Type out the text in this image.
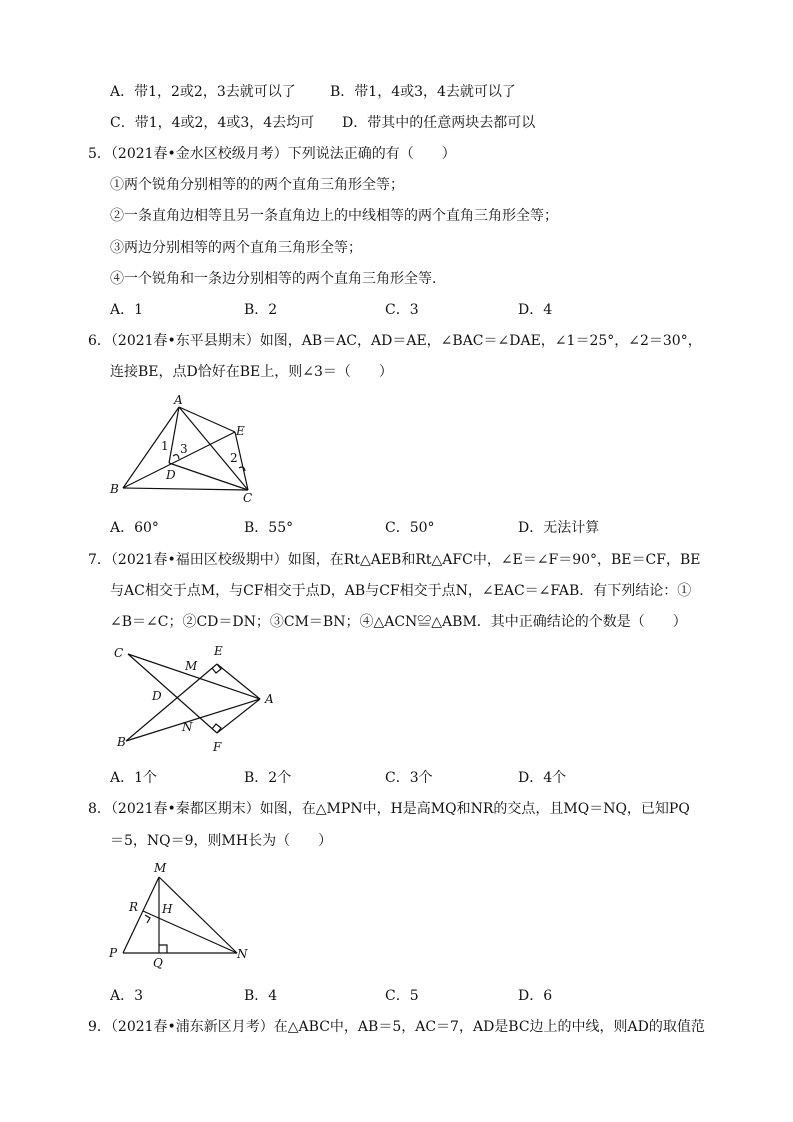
A．带1，2或2，3去就可以了 B．带1，4或3，4去就可以了
C．带1，4或2，4或3，4去均可 D．带其中的任意两块去都可以
5．（2021春•金水区校级月考）下列说法正确的有（　　）
①两个锐角分别相等的的两个直角三角形全等；
②一条直角边相等且另一条直角边上的中线相等的两个直角三角形全等；
③两边分别相等的两个直角三角形全等；
④一个锐角和一条边分别相等的两个直角三角形全等．
A．1	B．2	C．3	D．4
6．（2021春•东平县期末）如图，AB＝AC，AD＝AE，∠BAC＝∠DAE，∠1＝25°，∠2＝30°，
连接BE，点D恰好在BE上，则∠3＝（　　）
A
B
C
D
E
1
2
3
A．60°	B．55°	C．50°	D．无法计算
7．（2021春•福田区校级期中）如图，在Rt△AEB和Rt△AFC中，∠E＝∠F＝90°，BE＝CF，BE
与AC相交于点M，与CF相交于点D，AB与CF相交于点N，∠EAC＝∠FAB．有下列结论：①
∠B＝∠C；②CD＝DN；③CM＝BN；④△ACN≌△ABM．其中正确结论的个数是（　　）
C
B
A
E
F
M
D
N
A．1个	B．2个	C．3个	D．4个
8．（2021春•秦都区期末）如图，在△MPN中，H是高MQ和NR的交点，且MQ＝NQ，已知PQ
＝5，NQ＝9，则MH长为（　　）
M
P	N
Q
R H
A．3	B．4	C．5	D．6
9．（2021春•浦东新区月考）在△ABC中，AB＝5，AC＝7，AD是BC边上的中线，则AD的取值范
